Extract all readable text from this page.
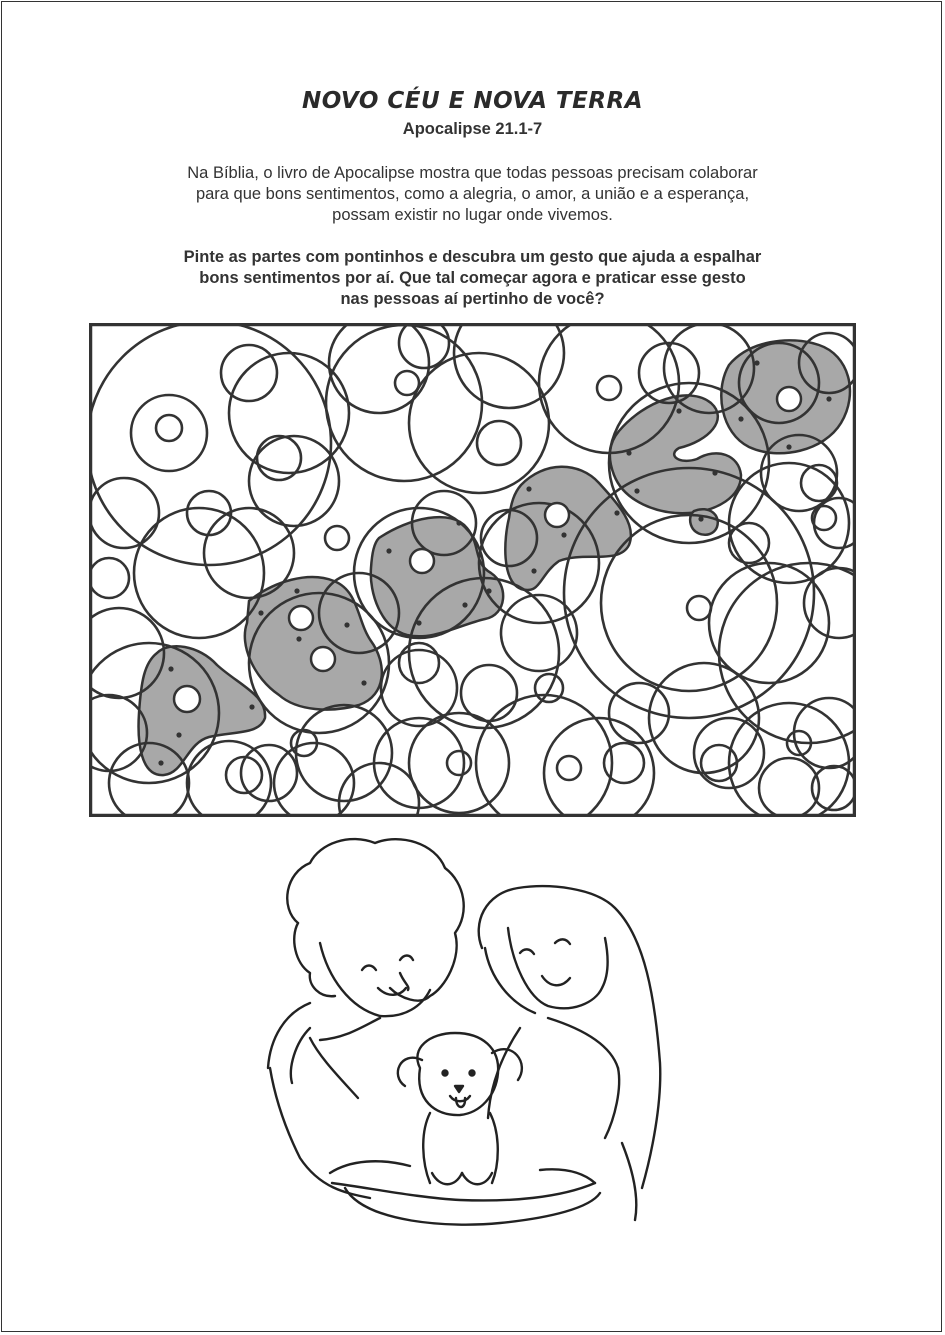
NOVO CÉU E NOVA TERRA
Apocalipse 21.1-7
Na Bíblia, o livro de Apocalipse mostra que todas pessoas precisam colaborar
para que bons sentimentos, como a alegria, o amor, a união e a esperança,
possam existir no lugar onde vivemos.
Pinte as partes com pontinhos e descubra um gesto que ajuda a espalhar
bons sentimentos por aí. Que tal começar agora e praticar esse gesto
nas pessoas aí pertinho de você?
